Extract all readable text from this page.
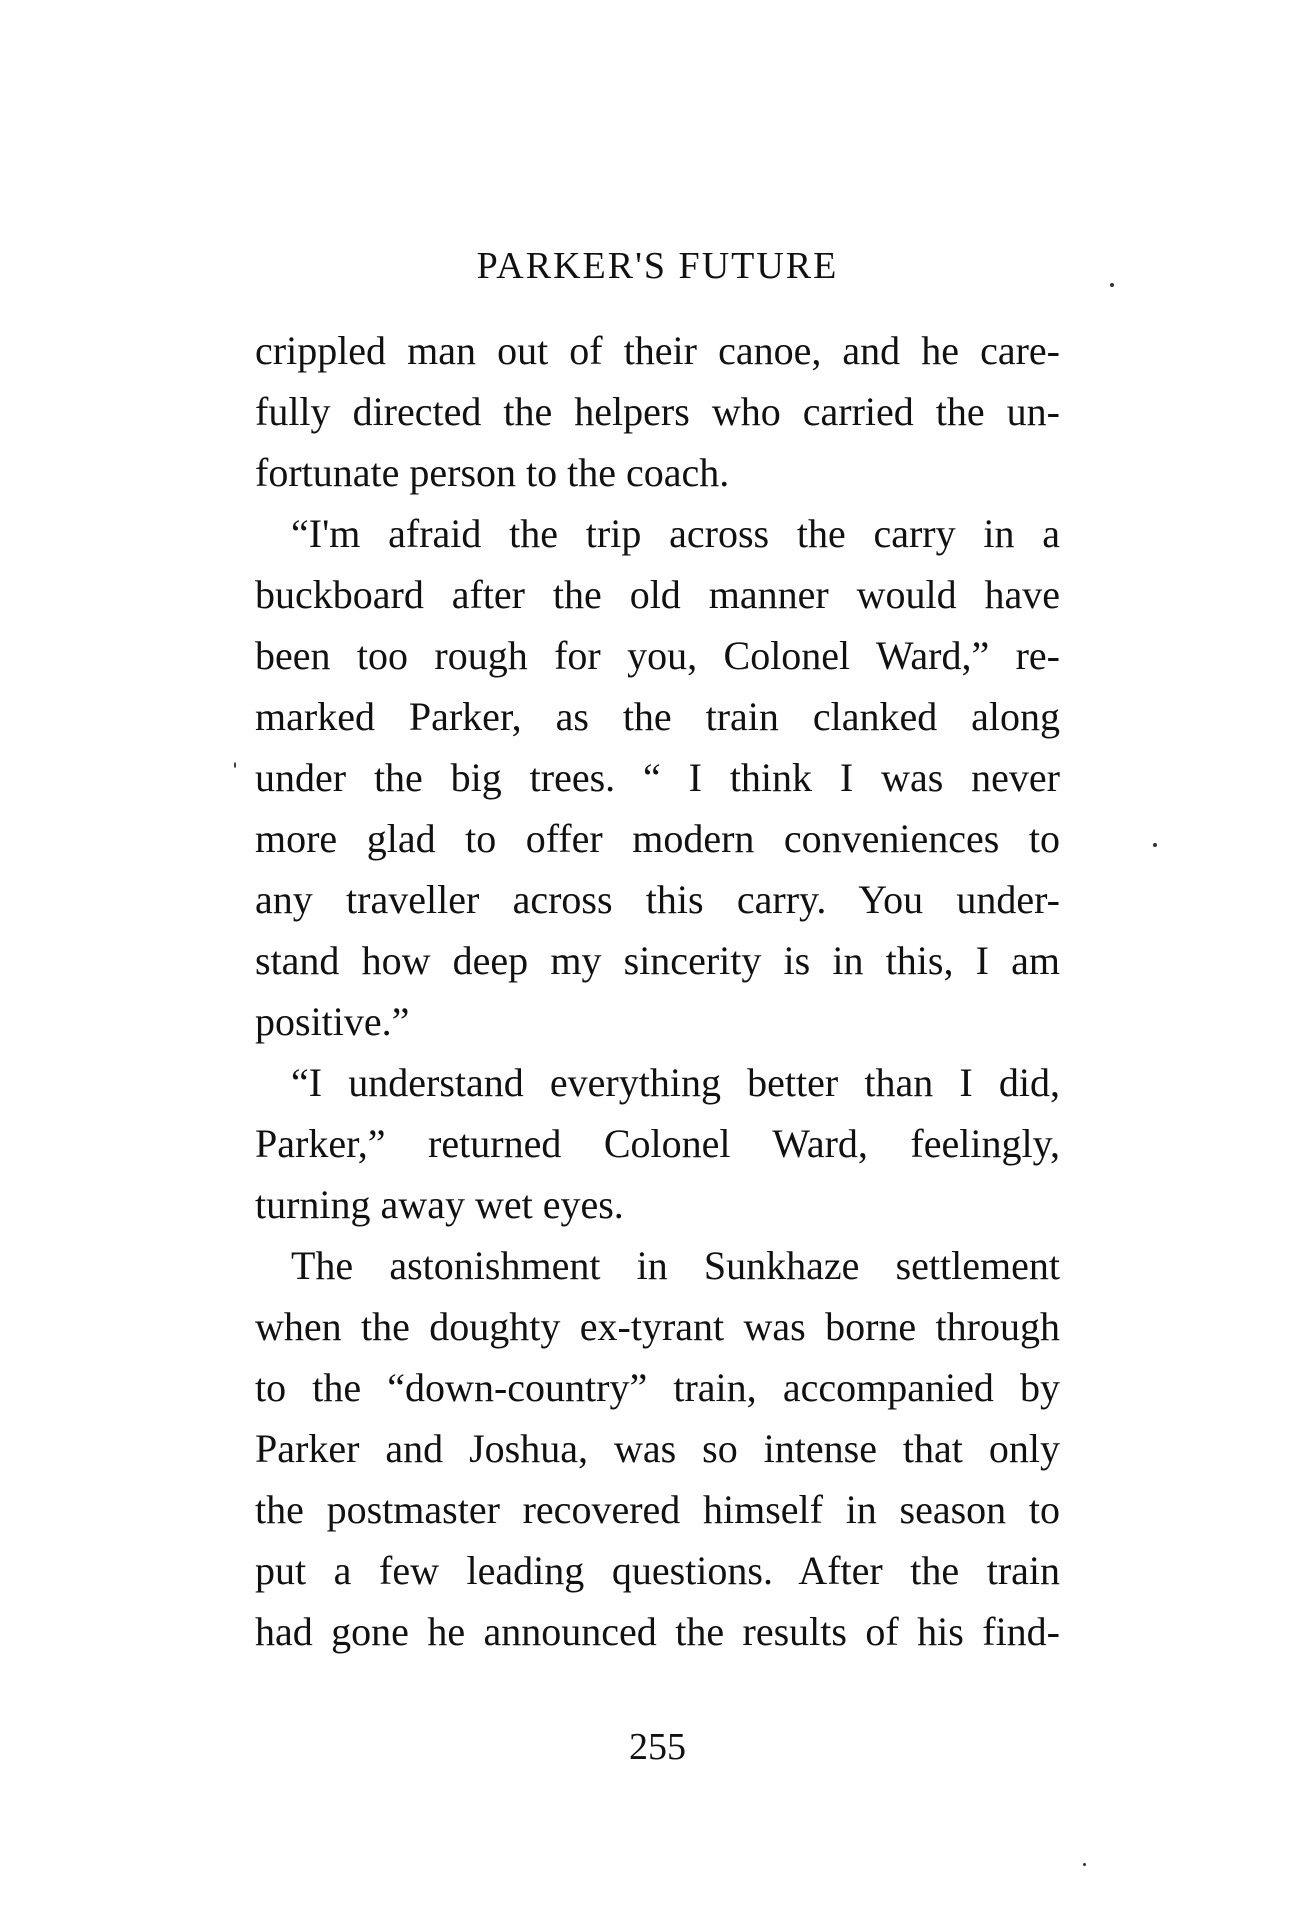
PARKER'S FUTURE
crippled man out of their canoe, and he care-
fully directed the helpers who carried the un-
fortunate person to the coach.
“I'm afraid the trip across the carry in a
buckboard after the old manner would have
been too rough for you, Colonel Ward,” re-
marked Parker, as the train clanked along
under the big trees. “ I think I was never
more glad to offer modern conveniences to
any traveller across this carry. You under-
stand how deep my sincerity is in this, I am
positive.”
“I understand everything better than I did,
Parker,” returned Colonel Ward, feelingly,
turning away wet eyes.
The astonishment in Sunkhaze settlement
when the doughty ex-tyrant was borne through
to the “down-country” train, accompanied by
Parker and Joshua, was so intense that only
the postmaster recovered himself in season to
put a few leading questions. After the train
had gone he announced the results of his find-
255
